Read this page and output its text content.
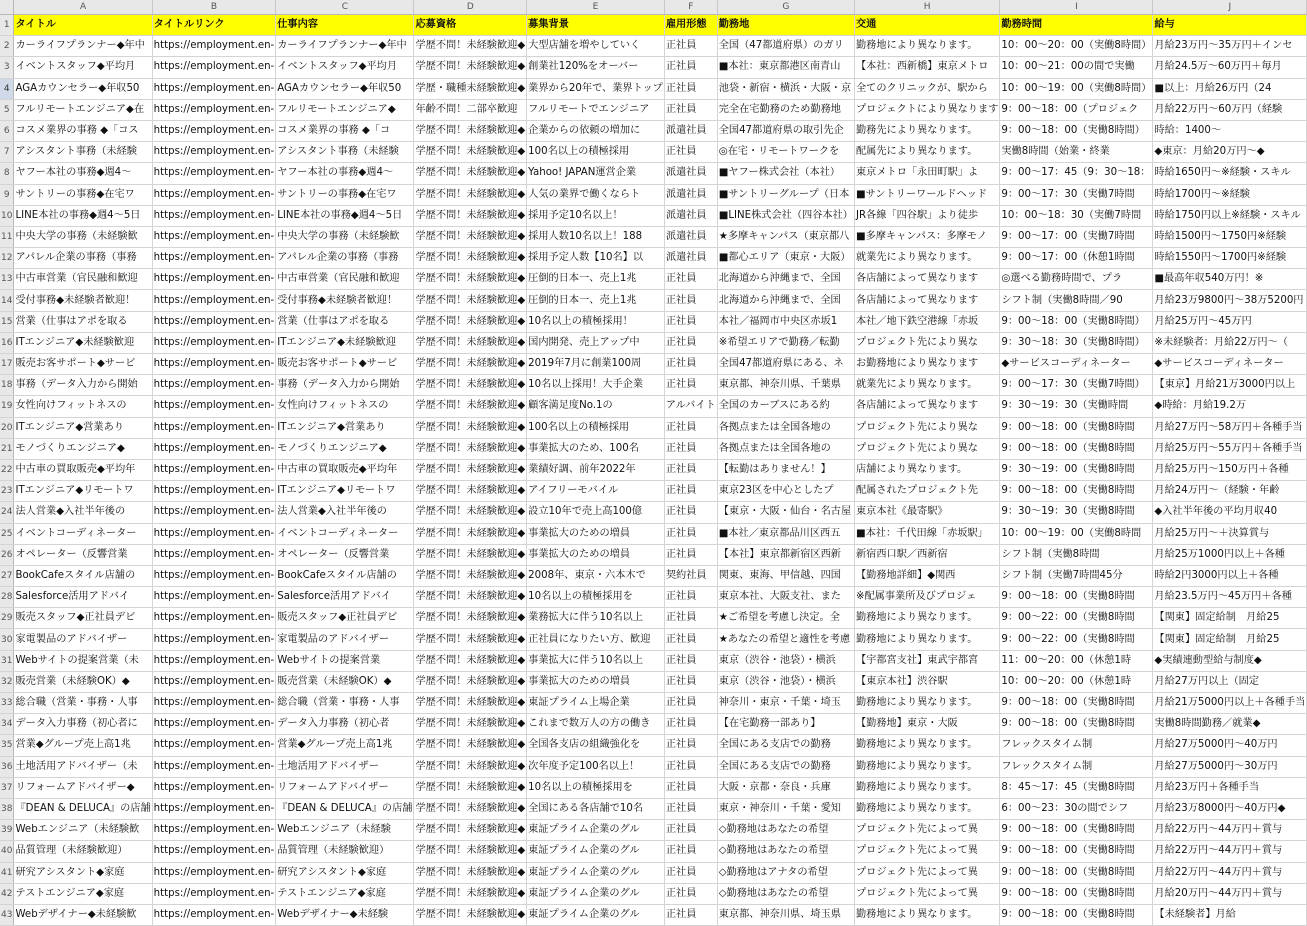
	A	B	C	D	E	F	G	H	I	J
1	タイトル	タイトルリンク	仕事内容	応募資格	募集背景	雇用形態	勤務地	交通	勤務時間	給与
2	カーライフプランナー◆年中	https://employment.en-	カーライフプランナー◆年中	学歴不問！未経験歓迎◆	大型店舗を増やしていく	正社員	全国（47都道府県）のガリ	勤務地により異なります。	10：00〜20：00（実働8時間）	月給23万円〜35万円＋インセ
3	イベントスタッフ◆平均月	https://employment.en-	イベントスタッフ◆平均月	学歴不問！未経験歓迎◆	創業社120%をオーバー	正社員	■本社：東京都港区南青山	【本社：西新橋】東京メトロ	10：00〜21：00の間で実働	月給24.5万〜60万円＋毎月
4	AGAカウンセラー◆年収50	https://employment.en-	AGAカウンセラー◆年収50	学歴・職種未経験歓迎◆	業界から20年で、業界トップ	正社員	池袋・新宿・横浜・大阪・京	全てのクリニックが、駅から	10：00〜19：00（実働8時間）	■以上：月給26万円（24
5	フルリモートエンジニア◆在	https://employment.en-	フルリモートエンジニア◆	年齢不問！二部卒歓迎	フルリモートでエンジニア	正社員	完全在宅勤務のため勤務地	プロジェクトにより異なります	9：00〜18：00（プロジェク	月給22万円〜60万円（経験
6	コスメ業界の事務 ◆「コス	https://employment.en-	コスメ業界の事務 ◆「コ	学歴不問！未経験歓迎◆	企業からの依頼の増加に	派遣社員	全国47都道府県の取引先企	勤務先により異なります。	9：00〜18：00（実働8時間）	時給：1400〜
7	アシスタント事務（未経験	https://employment.en-	アシスタント事務（未経験	学歴不問！未経験歓迎◆	100名以上の積極採用	正社員	◎在宅・リモートワークを	配属先により異なります。	実働8時間（始業・終業	◆東京：月給20万円〜◆
8	ヤフー本社の事務◆週4〜	https://employment.en-	ヤフー本社の事務◆週4〜	学歴不問！未経験歓迎◆	Yahoo! JAPAN運営企業	派遣社員	■ヤフー株式会社（本社）	東京メトロ「永田町駅」よ	9：00〜17：45（9：30〜18：	時給1650円〜※経験・スキル
9	サントリーの事務◆在宅ワ	https://employment.en-	サントリーの事務◆在宅ワ	学歴不問！未経験歓迎◆	人気の業界で働くならト	派遣社員	■サントリーグループ（日本	■サントリーワールドヘッド	9：00〜17：30（実働7時間	時給1700円〜※経験
10	LINE本社の事務◆週4〜5日	https://employment.en-	LINE本社の事務◆週4〜5日	学歴不問！未経験歓迎◆	採用予定10名以上！	派遣社員	■LINE株式会社（四谷本社）	JR各線「四谷駅」より徒歩	10：00〜18：30（実働7時間	時給1750円以上※経験・スキル
11	中央大学の事務（未経験歓	https://employment.en-	中央大学の事務（未経験歓	学歴不問！未経験歓迎◆	採用人数10名以上！188	派遣社員	★多摩キャンパス（東京都八	■多摩キャンパス：多摩モノ	9：00〜17：00（実働7時間	時給1500円〜1750円※経験
12	アパレル企業の事務（事務	https://employment.en-	アパレル企業の事務（事務	学歴不問！未経験歓迎◆	採用予定人数【10名】以	派遣社員	■都心エリア（東京・大阪）	就業先により異なります。	9：00〜17：00（休憩1時間	時給1550円〜1700円※経験
13	中古車営業（官民融和歓迎	https://employment.en-	中古車営業（官民融和歓迎	学歴不問！未経験歓迎◆	圧倒的日本一、売上1兆	正社員	北海道から沖縄まで、全国	各店舗によって異なります	◎選べる勤務時間で、プラ	■最高年収540万円！※
14	受付事務◆未経験者歓迎！	https://employment.en-	受付事務◆未経験者歓迎！	学歴不問！未経験歓迎◆	圧倒的日本一、売上1兆	正社員	北海道から沖縄まで、全国	各店舗によって異なります	シフト制（実働8時間／90	月給23万9800円〜38万5200円
15	営業（仕事はアポを取る	https://employment.en-	営業（仕事はアポを取る	学歴不問！未経験歓迎◆	10名以上の積極採用！	正社員	本社／福岡市中央区赤坂1	本社／地下鉄空港線「赤坂	9：00〜18：00（実働8時間）	月給25万円〜45万円
16	ITエンジニア◆未経験歓迎	https://employment.en-	ITエンジニア◆未経験歓迎	学歴不問！未経験歓迎◆	国内開発、売上アップ中	正社員	※希望エリアで勤務／転勤	プロジェクト先により異な	9：30〜18：30（実働8時間）	※未経験者：月給22万円〜（
17	販売お客サポート◆サービ	https://employment.en-	販売お客サポート◆サービ	学歴不問！未経験歓迎◆	2019年7月に創業100周	正社員	全国47都道府県にある、ネ	お勤務地により異なります	◆サービスコーディネーター	◆サービスコーディネーター
18	事務（データ入力から開始	https://employment.en-	事務（データ入力から開始	学歴不問！未経験歓迎◆	10名以上採用！大手企業	正社員	東京都、神奈川県、千葉県	就業先により異なります。	9：00〜17：30（実働7時間）	【東京】月給21万3000円以上
19	女性向けフィットネスの	https://employment.en-	女性向けフィットネスの	学歴不問！未経験歓迎◆	顧客満足度No.1の	アルバイト	全国のカーブスにある約	各店舗によって異なります	9：30〜19：30（実働時間	◆時給：月給19.2万
20	ITエンジニア◆営業あり	https://employment.en-	ITエンジニア◆営業あり	学歴不問！未経験歓迎◆	100名以上の積極採用	正社員	各拠点または全国各地の	プロジェクト先により異な	9：00〜18：00（実働8時間	月給27万円〜58万円＋各種手当
21	モノづくりエンジニア◆	https://employment.en-	モノづくりエンジニア◆	学歴不問！未経験歓迎◆	事業拡大のため、100名	正社員	各拠点または全国各地の	プロジェクト先により異な	9：00〜18：00（実働8時間	月給25万円〜55万円＋各種手当
22	中古車の買取販売◆平均年	https://employment.en-	中古車の買取販売◆平均年	学歴不問！未経験歓迎◆	業績好調、前年2022年	正社員	【転勤はありません！】	店舗により異なります。	9：30〜19：00（実働8時間	月給25万円〜150万円＋各種
23	ITエンジニア◆リモートワ	https://employment.en-	ITエンジニア◆リモートワ	学歴不問！未経験歓迎◆	アイフリーモバイル	正社員	東京23区を中心としたプ	配属されたプロジェクト先	9：00〜18：00（実働8時間	月給24万円〜（経験・年齢
24	法人営業◆入社半年後の	https://employment.en-	法人営業◆入社半年後の	学歴不問！未経験歓迎◆	設立10年で売上高100億	正社員	【東京・大阪・仙台・名古屋	東京本社《最寄駅》	9：30〜19：30（実働8時間	◆入社半年後の平均月収40
25	イベントコーディネーター	https://employment.en-	イベントコーディネーター	学歴不問！未経験歓迎◆	事業拡大のための増員	正社員	■本社／東京都品川区西五	■本社：千代田線「赤坂駅」	10：00〜19：00（実働8時間	月給25万円〜＋決算賞与
26	オペレーター（反響営業	https://employment.en-	オペレーター（反響営業	学歴不問！未経験歓迎◆	事業拡大のための増員	正社員	【本社】東京都新宿区西新	新宿西口駅／西新宿	シフト制（実働8時間	月給25万1000円以上＋各種
27	BookCafeスタイル店舗の	https://employment.en-	BookCafeスタイル店舗の	学歴不問！未経験歓迎◆	2008年、東京・六本木で	契約社員	関東、東海、甲信越、四国	【勤務地詳細】◆関西	シフト制（実働7時間45分	時給2円3000円以上＋各種
28	Salesforce活用アドバイ	https://employment.en-	Salesforce活用アドバイ	学歴不問！未経験歓迎◆	10名以上の積極採用を	正社員	東京本社、大阪支社、また	※配属事業所及びプロジェ	9：00〜18：00（実働8時間	月給23.5万円〜45万円＋各種
29	販売スタッフ◆正社員デビ	https://employment.en-	販売スタッフ◆正社員デビ	学歴不問！未経験歓迎◆	業務拡大に伴う10名以上	正社員	★ご希望を考慮し決定。全	勤務地により異なります。	9：00〜22：00（実働8時間	【関東】固定給制　月給25
30	家電製品のアドバイザー	https://employment.en-	家電製品のアドバイザー	学歴不問！未経験歓迎◆	正社員になりたい方、歓迎	正社員	★あなたの希望と適性を考慮	勤務地により異なります。	9：00〜22：00（実働8時間	【関東】固定給制　月給25
31	Webサイトの提案営業（未	https://employment.en-	Webサイトの提案営業	学歴不問！未経験歓迎◆	事業拡大に伴う10名以上	正社員	東京（渋谷・池袋）・横浜	【宇都宮支社】東武宇都宮	11：00〜20：00（休憩1時	◆実績連動型給与制度◆
32	販売営業（未経験OK）◆	https://employment.en-	販売営業（未経験OK）◆	学歴不問！未経験歓迎◆	事業拡大のための増員	正社員	東京（渋谷・池袋）・横浜	【東京本社】渋谷駅	10：00〜20：00（休憩1時	月給27万円以上（固定
33	総合職（営業・事務・人事	https://employment.en-	総合職（営業・事務・人事	学歴不問！未経験歓迎◆	東証プライム上場企業	正社員	神奈川・東京・千葉・埼玉	勤務地により異なります。	9：00〜18：00（実働8時間	月給21万5000円以上＋各種手当
34	データ入力事務（初心者に	https://employment.en-	データ入力事務（初心者	学歴不問！未経験歓迎◆	これまで数万人の方の働き	正社員	【在宅勤務一部あり】	【勤務地】東京・大阪	9：00〜18：00（実働8時間	実働8時間勤務／就業◆
35	営業◆グループ売上高1兆	https://employment.en-	営業◆グループ売上高1兆	学歴不問！未経験歓迎◆	全国各支店の組織強化を	正社員	全国にある支店での勤務	勤務地により異なります。	フレックスタイム制	月給27万5000円〜40万円
36	土地活用アドバイザー（未	https://employment.en-	土地活用アドバイザー	学歴不問！未経験歓迎◆	次年度予定100名以上！	正社員	全国にある支店での勤務	勤務地により異なります。	フレックスタイム制	月給27万5000円〜30万円
37	リフォームアドバイザー◆	https://employment.en-	リフォームアドバイザー	学歴不問！未経験歓迎◆	10名以上の積極採用を	正社員	大阪・京都・奈良・兵庫	勤務地により異なります。	8：45〜17：45（実働8時間	月給23万円＋各種手当
38	『DEAN & DELUCA』の店舗	https://employment.en-	『DEAN & DELUCA』の店舗	学歴不問！未経験歓迎◆	全国にある各店舗で10名	正社員	東京・神奈川・千葉・愛知	勤務地により異なります。	6：00〜23：30の間でシフ	月給23万8000円〜40万円◆
39	Webエンジニア（未経験歓	https://employment.en-	Webエンジニア（未経験	学歴不問！未経験歓迎◆	東証プライム企業のグル	正社員	◇勤務地はあなたの希望	プロジェクト先によって異	9：00〜18：00（実働8時間	月給22万円〜44万円＋賞与
40	品質管理（未経験歓迎）	https://employment.en-	品質管理（未経験歓迎）	学歴不問！未経験歓迎◆	東証プライム企業のグル	正社員	◇勤務地はあなたの希望	プロジェクト先によって異	9：00〜18：00（実働8時間	月給22万円〜44万円＋賞与
41	研究アシスタント◆家庭	https://employment.en-	研究アシスタント◆家庭	学歴不問！未経験歓迎◆	東証プライム企業のグル	正社員	◇勤務地はアナタの希望	プロジェクト先によって異	9：00〜18：00（実働8時間	月給22万円〜44万円＋賞与
42	テストエンジニア◆家庭	https://employment.en-	テストエンジニア◆家庭	学歴不問！未経験歓迎◆	東証プライム企業のグル	正社員	◇勤務地はあなたの希望	プロジェクト先によって異	9：00〜18：00（実働8時間	月給20万円〜44万円＋賞与
43	Webデザイナー◆未経験歓	https://employment.en-	Webデザイナー◆未経験	学歴不問！未経験歓迎◆	東証プライム企業のグル	正社員	東京都、神奈川県、埼玉県	勤務地により異なります。	9：00〜18：00（実働8時間	【未経験者】月給
